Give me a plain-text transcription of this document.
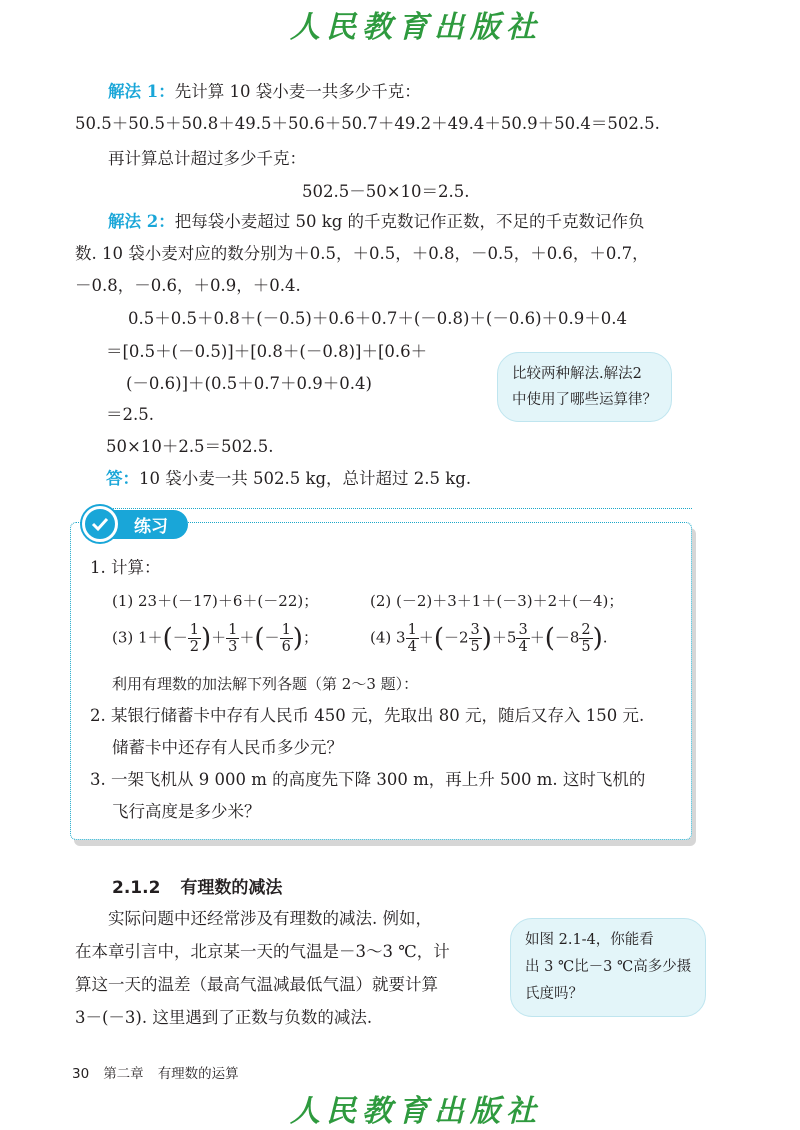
人民教育出版社
解法 1：先计算 10 袋小麦一共多少千克：
50.5＋50.5＋50.8＋49.5＋50.6＋50.7＋49.2＋49.4＋50.9＋50.4＝502.5.
再计算总计超过多少千克：
502.5－50×10＝2.5.
解法 2：把每袋小麦超过 50 kg 的千克数记作正数，不足的千克数记作负
数. 10 袋小麦对应的数分别为＋0.5，＋0.5，＋0.8，－0.5，＋0.6，＋0.7，
－0.8，－0.6，＋0.9，＋0.4.
0.5＋0.5＋0.8＋(－0.5)＋0.6＋0.7＋(－0.8)＋(－0.6)＋0.9＋0.4
＝[0.5＋(－0.5)]＋[0.8＋(－0.8)]＋[0.6＋
(－0.6)]＋(0.5＋0.7＋0.9＋0.4)
＝2.5.
50×10＋2.5＝502.5.
答：10 袋小麦一共 502.5 kg，总计超过 2.5 kg.
比较两种解法.解法2
中使用了哪些运算律？
练习
1. 计算：
(1) 23＋(－17)＋6＋(－22)；	(2) (－2)＋3＋1＋(－3)＋2＋(－4)；
(3) $1+(- \frac{1}{2}$ )＋ $\frac{1}{3}$ ＋(－ $\frac{1}{6}$ )；	(4) $3 \frac{1}{4} +(-2 \frac{3}{5} )+5 \frac{3}{4} +(-8 \frac{2}{5}$ ).
利用有理数的加法解下列各题（第 2～3 题）：
2. 某银行储蓄卡中存有人民币 450 元，先取出 80 元，随后又存入 150 元.
储蓄卡中还存有人民币多少元？
3. 一架飞机从 9 000 m 的高度先下降 300 m，再上升 500 m. 这时飞机的
飞行高度是多少米？
2.1.2 有理数的减法
实际问题中还经常涉及有理数的减法. 例如，
在本章引言中，北京某一天的气温是－3～3 ℃，计
算这一天的温差（最高气温减最低气温）就要计算
3－(－3). 这里遇到了正数与负数的减法.
如图 2.1-4，你能看
出 3 ℃比－3 ℃高多少摄
氏度吗？
30 第二章 有理数的运算
人民教育出版社
